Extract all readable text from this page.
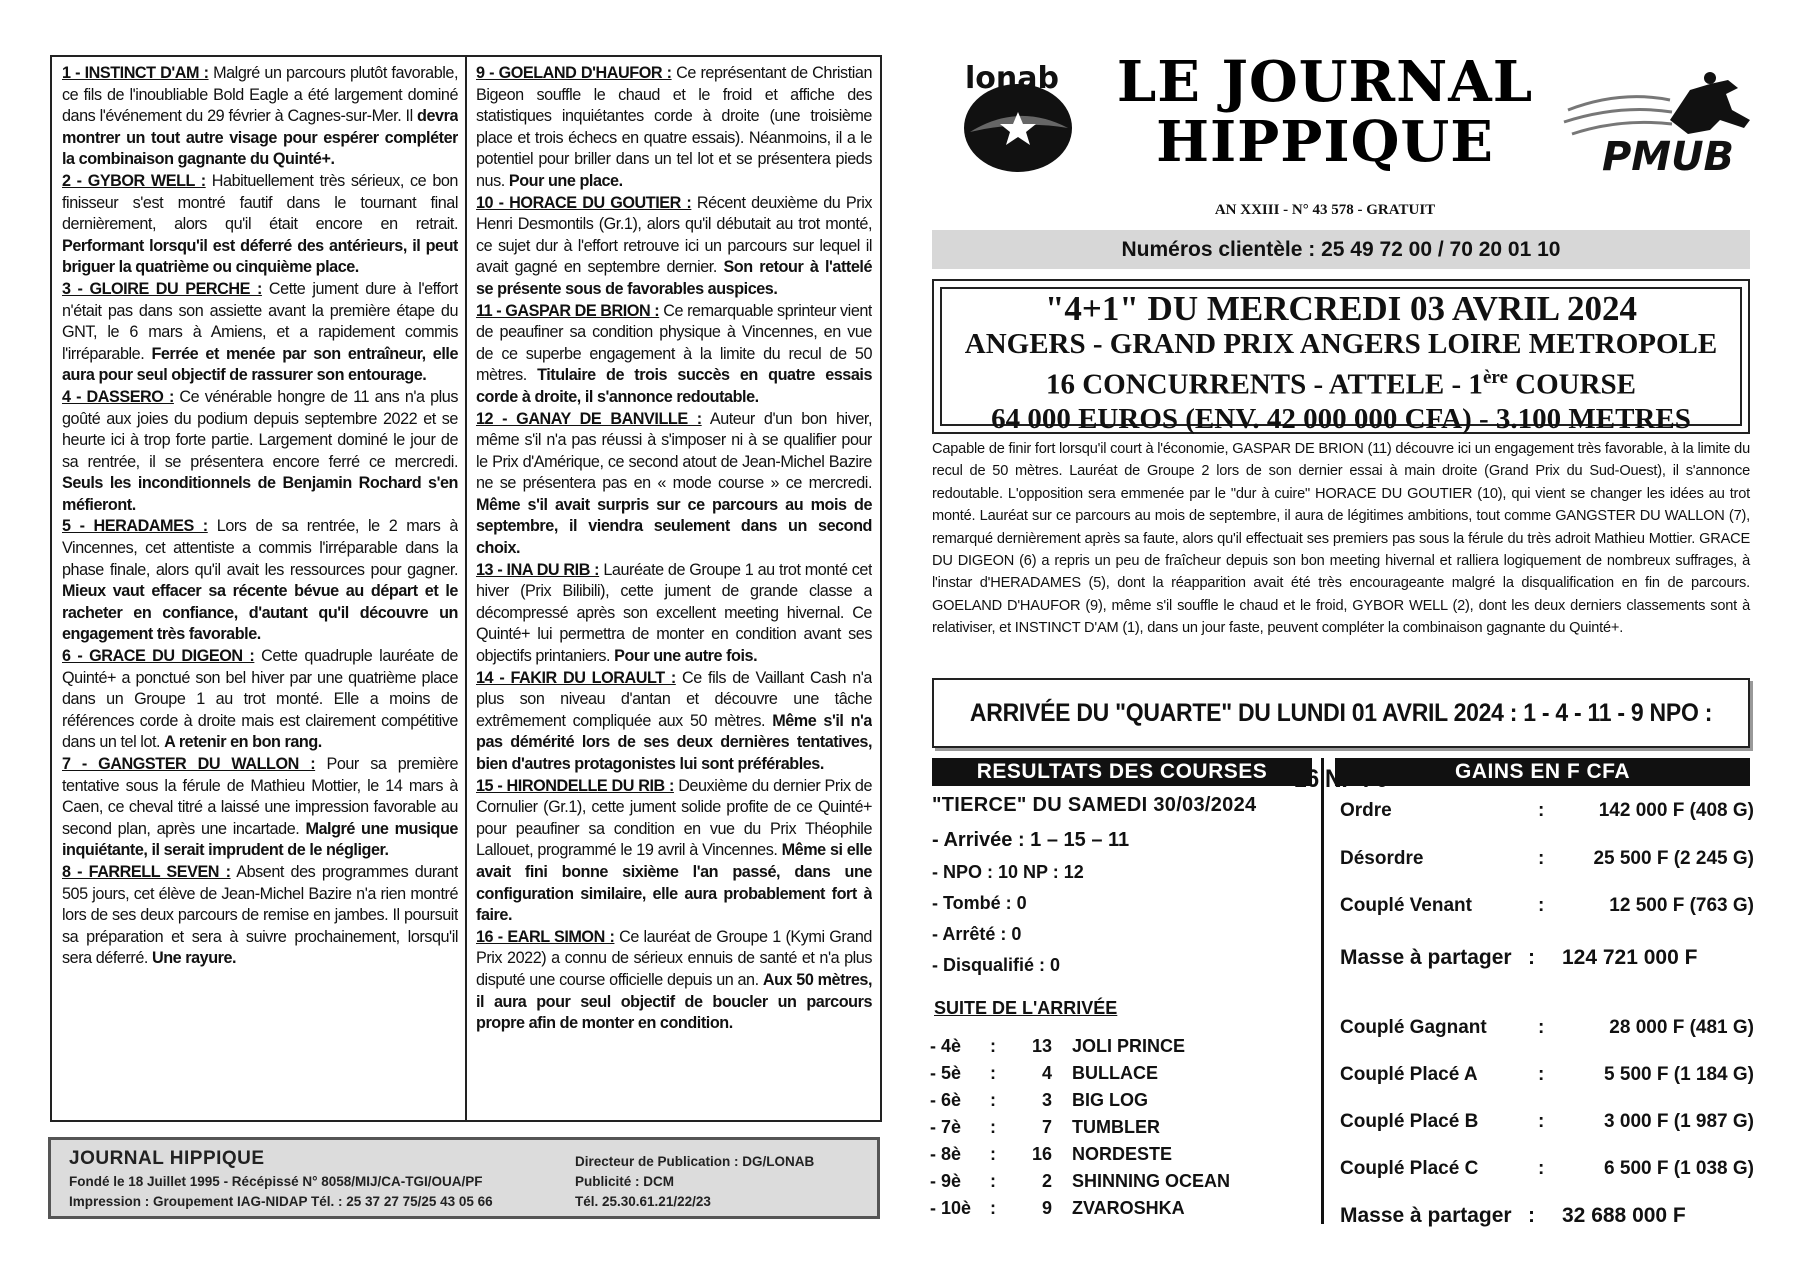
1 - INSTINCT D'AM : Malgré un parcours plutôt favorable, ce fils de l'inoubliable Bold Eagle a été largement dominé dans l'événement du 29 février à Cagnes-sur-Mer. Il devra montrer un tout autre visage pour espérer compléter la combinaison gagnante du Quinté+.

2 - GYBOR WELL : Habituellement très sérieux, ce bon finisseur s'est montré fautif dans le tournant final dernièrement, alors qu'il était encore en retrait. Performant lorsqu'il est déferré des antérieurs, il peut briguer la quatrième ou cinquième place.

3 - GLOIRE DU PERCHE : Cette jument dure à l'effort n'était pas dans son assiette avant la première étape du GNT, le 6 mars à Amiens, et a rapidement commis l'irréparable. Ferrée et menée par son entraîneur, elle aura pour seul objectif de rassurer son entourage.

4 - DASSERO : Ce vénérable hongre de 11 ans n'a plus goûté aux joies du podium depuis septembre 2022 et se heurte ici à trop forte partie. Largement dominé le jour de sa rentrée, il se présentera encore ferré ce mercredi. Seuls les inconditionnels de Benjamin Rochard s'en méfieront.

5 - HERADAMES : Lors de sa rentrée, le 2 mars à Vincennes, cet attentiste a commis l'irréparable dans la phase finale, alors qu'il avait les ressources pour gagner. Mieux vaut effacer sa récente bévue au départ et le racheter en confiance, d'autant qu'il découvre un engagement très favorable.

6 - GRACE DU DIGEON : Cette quadruple lauréate de Quinté+ a ponctué son bel hiver par une quatrième place dans un Groupe 1 au trot monté. Elle a moins de références corde à droite mais est clairement compétitive dans un tel lot. A retenir en bon rang.

7 - GANGSTER DU WALLON : Pour sa première tentative sous la férule de Mathieu Mottier, le 14 mars à Caen, ce cheval titré a laissé une impression favorable au second plan, après une incartade. Malgré une musique inquiétante, il serait imprudent de le négliger.

8 - FARRELL SEVEN : Absent des programmes durant 505 jours, cet élève de Jean-Michel Bazire n'a rien montré lors de ses deux parcours de remise en jambes. Il poursuit sa préparation et sera à suivre prochainement, lorsqu'il sera déferré. Une rayure.

9 - GOELAND D'HAUFOR : Ce représentant de Christian Bigeon souffle le chaud et le froid et affiche des statistiques inquiétantes corde à droite (une troisième place et trois échecs en quatre essais). Néanmoins, il a le potentiel pour briller dans un tel lot et se présentera pieds nus. Pour une place.

10 - HORACE DU GOUTIER : Récent deuxième du Prix Henri Desmontils (Gr.1), alors qu'il débutait au trot monté, ce sujet dur à l'effort retrouve ici un parcours sur lequel il avait gagné en septembre dernier. Son retour à l'attelé se présente sous de favorables auspices.

11 - GASPAR DE BRION : Ce remarquable sprinteur vient de peaufiner sa condition physique à Vincennes, en vue de ce superbe engagement à la limite du recul de 50 mètres. Titulaire de trois succès en quatre essais corde à droite, il s'annonce redoutable.

12 - GANAY DE BANVILLE : Auteur d'un bon hiver, même s'il n'a pas réussi à s'imposer ni à se qualifier pour le Prix d'Amérique, ce second atout de Jean-Michel Bazire ne se présentera pas en « mode course » ce mercredi. Même s'il avait surpris sur ce parcours au mois de septembre, il viendra seulement dans un second choix.

13 - INA DU RIB : Lauréate de Groupe 1 au trot monté cet hiver (Prix Bilibili), cette jument de grande classe a décompressé après son excellent meeting hivernal. Ce Quinté+ lui permettra de monter en condition avant ses objectifs printaniers. Pour une autre fois.

14 - FAKIR DU LORAULT : Ce fils de Vaillant Cash n'a plus son niveau d'antan et découvre une tâche extrêmement compliquée aux 50 mètres. Même s'il n'a pas démérité lors de ses deux dernières tentatives, bien d'autres protagonistes lui sont préférables.

15 - HIRONDELLE DU RIB : Deuxième du dernier Prix de Cornulier (Gr.1), cette jument solide profite de ce Quinté+ pour peaufiner sa condition en vue du Prix Théophile Lallouet, programmé le 19 avril à Vincennes. Même si elle avait fini bonne sixième l'an passé, dans une configuration similaire, elle aura probablement fort à faire.

16 - EARL SIMON : Ce lauréat de Groupe 1 (Kymi Grand Prix 2022) a connu de sérieux ennuis de santé et n'a plus disputé une course officielle depuis un an. Aux 50 mètres, il aura pour seul objectif de boucler un parcours propre afin de monter en condition.

JOURNAL HIPPIQUE
Fondé le 18 Juillet 1995 - Récépissé N° 8058/MIJ/CA-TGI/OUA/PF
Impression : Groupement IAG-NIDAP Tél. : 25 37 27 75/25 43 05 66
Directeur de Publication : DG/LONAB
Publicité : DCM
Tél. 25.30.61.21/22/23
lonab	LE JOURNAL
HIPPIQUE	PMUB
AN XXIII - N° 43 578 - GRATUIT
Numéros clientèle : 25 49 72 00 / 70 20 01 10
"4+1" DU MERCREDI 03 AVRIL 2024
ANGERS - GRAND PRIX ANGERS LOIRE METROPOLE
16 CONCURRENTS - ATTELE - 1ère COURSE
64 000 EUROS (ENV. 42 000 000 CFA) - 3.100 METRES
Capable de finir fort lorsqu'il court à l'économie, GASPAR DE BRION (11) découvre ici un engagement très favorable, à la limite du recul de 50 mètres. Lauréat de Groupe 2 lors de son dernier essai à main droite (Grand Prix du Sud-Ouest), il s'annonce redoutable. L'opposition sera emmenée par le "dur à cuire" HORACE DU GOUTIER (10), qui vient se changer les idées au trot monté. Lauréat sur ce parcours au mois de septembre, il aura de légitimes ambitions, tout comme GANGSTER DU WALLON (7), remarqué dernièrement après sa faute, alors qu'il effectuait ses premiers pas sous la férule du très adroit Mathieu Mottier. GRACE DU DIGEON (6) a repris un peu de fraîcheur depuis son bon meeting hivernal et ralliera logiquement de nombreux suffrages, à l'instar d'HERADAMES (5), dont la réapparition avait été très encourageante malgré la disqualification en fin de parcours. GOELAND D'HAUFOR (9), même s'il souffle le chaud et le froid, GYBOR WELL (2), dont les deux derniers classements sont à relativiser, et INSTINCT D'AM (1), dans un jour faste, peuvent compléter la combinaison gagnante du Quinté+.
ARRIVÉE DU "QUARTE" DU LUNDI 01 AVRIL 2024 : 1 - 4 - 11 - 9 NPO :
RESULTATS DES COURSES	GAINS EN F CFA
"TIERCE" DU SAMEDI 30/03/2024
- Arrivée : 1 – 15 – 11
- NPO : 10 NP : 12
- Tombé : 0
- Arrêté : 0
- Disqualifié : 0
SUITE DE L'ARRIVÉE
- 4è :	13 JOLI PRINCE
- 5è :	4 BULLACE
- 6è :	3 BIG LOG
- 7è :	7 TUMBLER
- 8è :	16 NORDESTE
- 9è :	2 SHINNING OCEAN
- 10è :	9 ZVAROSHKA
Ordre	:	142 000 F (408 G)
Désordre	:	25 500 F (2 245 G)
Couplé Venant	:	12 500 F (763 G)
Masse à partager : 124 721 000 F
Couplé Gagnant	:	28 000 F (481 G)
Couplé Placé A	:	5 500 F (1 184 G)
Couplé Placé B	:	3 000 F (1 987 G)
Couplé Placé C	:	6 500 F (1 038 G)
Masse à partager : 32 688 000 F
